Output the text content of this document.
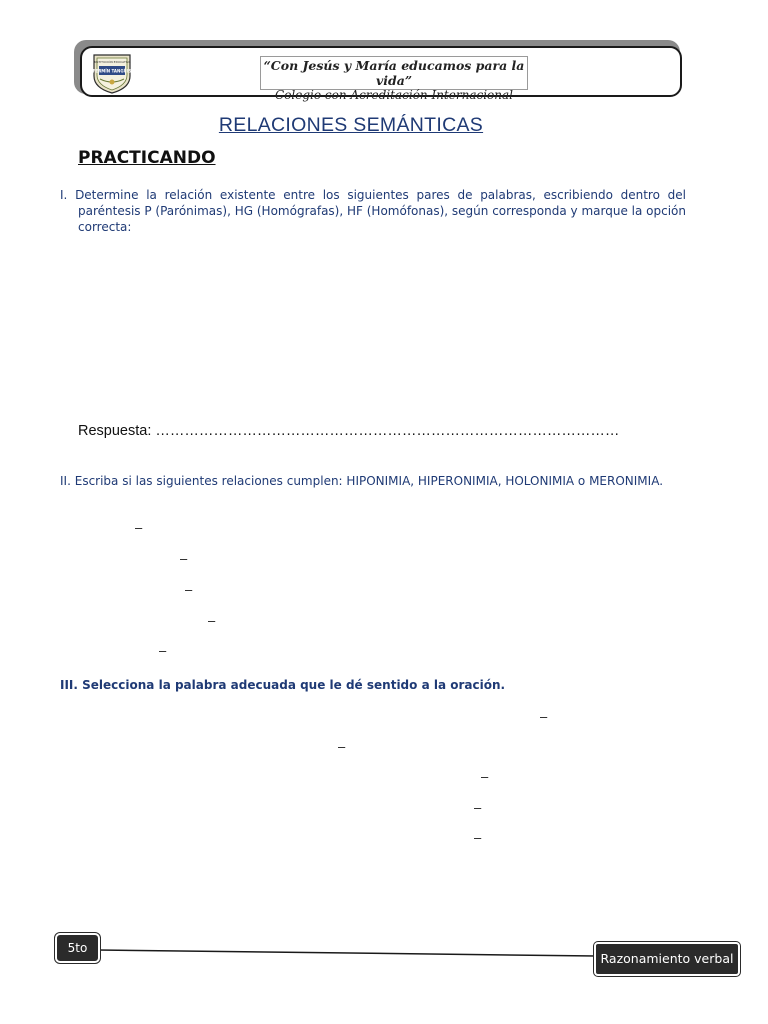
INSTITUCIÓN EDUCATIVA
FERMÍN TANGÜIS	“Con Jesús y María educamos para la vida”
Colegio con Acreditación Internacional
RELACIONES SEMÁNTICAS
PRACTICANDO
I. Determine la relación existente entre los siguientes pares de palabras, escribiendo dentro del paréntesis P (Parónimas), HG (Homógrafas), HF (Homófonas), según corresponda y marque la opción correcta:
Respuesta: ……………………………………………………………………………………
II. Escriba si las siguientes relaciones cumplen: HIPONIMIA, HIPERONIMIA, HOLONIMIA o MERONIMIA.
–
–
–
–
–
III. Selecciona la palabra adecuada que le dé sentido a la oración.
–
–
–
–
–
5to
Razonamiento verbal
